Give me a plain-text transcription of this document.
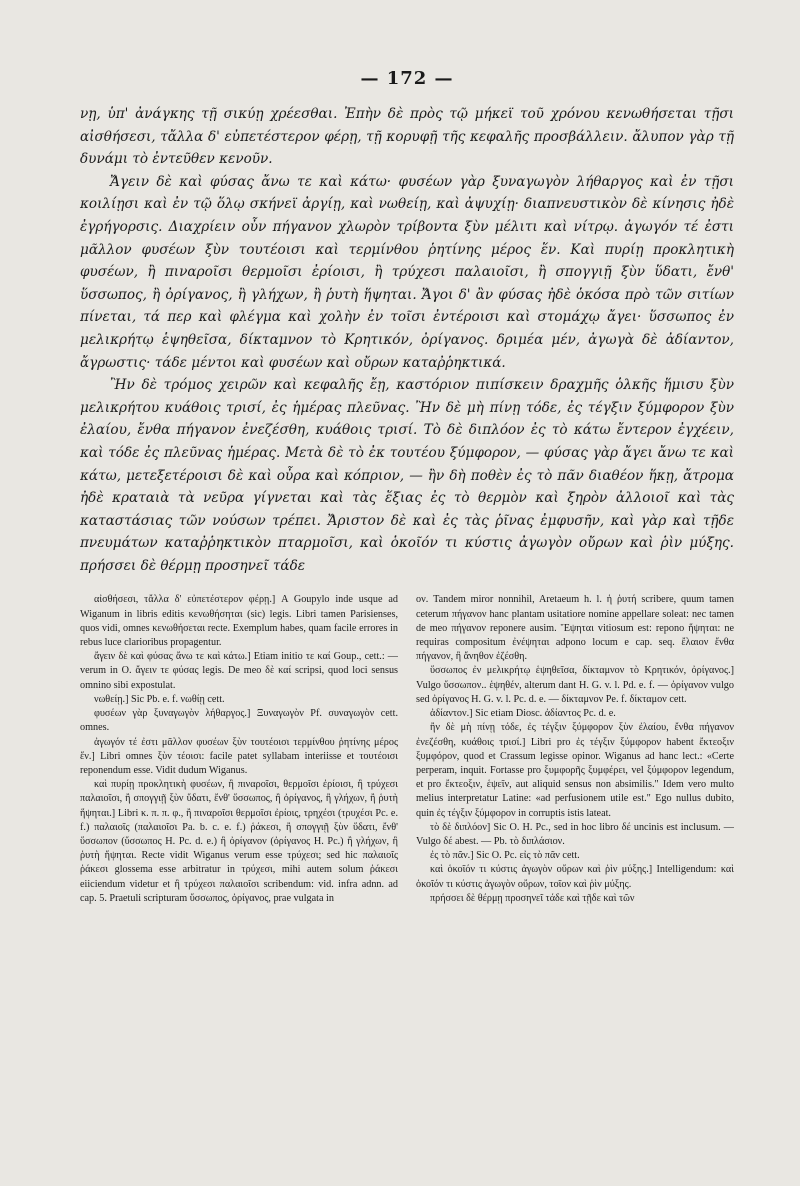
— 172 —

νῃ, ὑπ' ἀνάγκης τῇ σικύῃ χρέεσθαι. Ἐπὴν δὲ πρὸς τῷ μήκεϊ τοῦ χρόνου κενωθήσεται τῇσι αἰσθήσεσι, τἄλλα δ' εὐπετέστερον φέρῃ, τῇ κορυφῇ τῆς κεφαλῆς προσβάλλειν. ἄλυπον γὰρ τῇ δυνάμι τὸ ἐντεῦθεν κενοῦν.

Ἄγειν δὲ καὶ φύσας ἄνω τε καὶ κάτω· φυσέων γὰρ ξυναγωγὸν λήθαργος καὶ ἐν τῇσι κοιλίῃσι καὶ ἐν τῷ ὅλῳ σκήνεϊ ἀργίῃ, καὶ νωθείῃ, καὶ ἀψυχίῃ· διαπνευστικὸν δὲ κίνησις ἠδὲ ἐγρήγορσις. Διαχρίειν οὖν πήγανον χλωρὸν τρίβοντα ξὺν μέλιτι καὶ νίτρῳ. ἀγωγόν τέ ἐστι μᾶλλον φυσέων ξὺν τουτέοισι καὶ τερμίνθου ῥητίνης μέρος ἕν. Καὶ πυρίῃ προκλητικὴ φυσέων, ἢ πιναροῖσι θερμοῖσι ἐρίοισι, ἢ τρύχεσι παλαιοῖσι, ἢ σπογγιῇ ξὺν ὕδατι, ἔνθ' ὕσσωπος, ἢ ὀρίγανος, ἢ γλήχων, ἢ ῥυτὴ ἥψηται. Ἄγοι δ' ἂν φύσας ἠδὲ ὁκόσα πρὸ τῶν σιτίων πίνεται, τά περ καὶ φλέγμα καὶ χολὴν ἐν τοῖσι ἐντέροισι καὶ στομάχῳ ἄγει· ὕσσωπος ἐν μελικρήτῳ ἑψηθεῖσα, δίκταμνον τὸ Κρητικόν, ὀρίγανος. δριμέα μέν, ἀγωγὰ δὲ ἀδίαντον, ἄγρωστις· τάδε μέντοι καὶ φυσέων καὶ οὔρων καταῤῥηκτικά.

Ἢν δὲ τρόμος χειρῶν καὶ κεφαλῆς ἔῃ, καστόριον πιπίσκειν δραχμῆς ὁλκῆς ἥμισυ ξὺν μελικρήτου κυάθοις τρισί, ἐς ἡμέρας πλεῦνας. Ἢν δὲ μὴ πίνῃ τόδε, ἐς τέγξιν ξύμφορον ξὺν ἐλαίου, ἔνθα πήγανον ἐνεζέσθη, κυάθοις τρισί. Τὸ δὲ διπλόον ἐς τὸ κάτω ἔντερον ἐγχέειν, καὶ τόδε ἐς πλεῦνας ἡμέρας. Μετὰ δὲ τὸ ἐκ τουτέου ξύμφορον, — φύσας γὰρ ἄγει ἄνω τε καὶ κάτω, μετεξετέροισι δὲ καὶ οὖρα καὶ κόπριον, — ἢν δὴ ποθὲν ἐς τὸ πᾶν διαθέον ἥκῃ, ἄτρομα ἠδὲ κραταιὰ τὰ νεῦρα γίγνεται καὶ τὰς ἕξιας ἐς τὸ θερμὸν καὶ ξηρὸν ἀλλοιοῖ καὶ τὰς καταστάσιας τῶν νούσων τρέπει. Ἄριστον δὲ καὶ ἐς τὰς ῥῖνας ἐμφυσῆν, καὶ γὰρ καὶ τῇδε πνευμάτων καταῤῥηκτικὸν πταρμοῖσι, καὶ ὁκοῖόν τι κύστις ἀγωγὸν οὔρων καὶ ῥὶν μύξης. πρήσσει δὲ θέρμῃ προσηνεῖ τάδε

αἰσθήσεσι, τἄλλα δ' εὐπετέστερον φέρῃ.] A Goupylo inde usque ad Wiganum in libris editis κενωθήσηται (sic) legis. Libri tamen Parisienses, quos vidi, omnes κενωθήσεται recte. Exemplum habes, quam facile errores in rebus luce clarioribus propagentur.

ἄγειν δὲ καὶ φύσας ἄνω τε καὶ κάτω.] Etiam initio τε καί Goup., cett.: — verum in O. ἄγειν τε φύσας legis. De meo δὲ καί scripsi, quod loci sensus omnino sibi expostulat.

νωθείῃ.] Sic Pb. e. f. νωθίῃ cett.

φυσέων γὰρ ξυναγωγὸν λήθαργος.] Ξυναγωγὸν Pf. συναγωγὸν cett. omnes.

ἀγωγόν τέ ἐστι μᾶλλον φυσέων ξὺν τουτέοισι τερμίνθου ῥητίνης μέρος ἕν.] Libri omnes ξὺν τέοισι: facile patet syllabam interiisse et τουτέοισι reponendum esse. Vidit dudum Wiganus.

καὶ πυρίῃ προκλητικὴ φυσέων, ἢ πιναροῖσι, θερμοῖσι ἐρίοισι, ἢ τρύχεσι παλαιοῖσι, ἢ σπογγιῇ ξὺν ὕδατι, ἔνθ' ὕσσωπος, ἢ ὀρίγανος, ἢ γλήχων, ἢ ῥυτὴ ἥψηται.] Libri κ. π. π. φ., ἢ πιναροῖσι θερμοῖσι ἐρίοις, τρηχέσι (τρυχέσι Pc. e. f.) παλαιοῖς (παλαιοῖσι Pa. b. c. e. f.) ῥάκεσι, ἢ σπογγιῇ ξὺν ὕδατι, ἔνθ' ὕσσωπον (ὕσσωπος H. Pc. d. e.) ἢ ὀρίγανον (ὀρίγανος H. Pc.) ἢ γλήχων, ἢ ῥυτὴ ἥψηται. Recte vidit Wiganus verum esse τρύχεσι; sed hic παλαιοῖς ῥάκεσι glossema esse arbitratur in τρύχεσι, mihi autem solum ῥάκεσι eiiciendum videtur et ἢ τρύχεσι παλαιοῖσι scribendum: vid. infra adnn. ad cap. 5. Praetuli scripturam ὕσσωπος, ὀρίγανος, prae vulgata in

ον. Tandem miror nonnihil, Aretaeum h. l. ἡ ῥυτή scribere, quum tamen ceterum πήγανον hanc plantam usitatiore nomine appellare soleat: nec tamen de meo πήγανον reponere ausim. Ἕψηται vitiosum est: repono ἥψηται: ne requiras compositum ἐνέψηται adpono locum e cap. seq. ἔλαιον ἔνθα πήγανον, ἢ ἄνηθον ἐζέσθη.

ὕσσωπος ἐν μελικρήτῳ ἑψηθεῖσα, δίκταμνον τὸ Κρητικόν, ὀρίγανος.] Vulgo ὕσσωπον.. ἑψηθέν, alterum dant H. G. v. l. Pd. e. f. — ὀρίγανον vulgo sed ὀρίγανος H. G. v. l. Pc. d. e. — δίκταμνον Pe. f. δίκταμον cett.

ἀδίαντον.] Sic etiam Diosc. ἀδίαντος Pc. d. e.

ἢν δὲ μὴ πίνῃ τόδε, ἐς τέγξιν ξύμφορον ξὺν ἐλαίου, ἔνθα πήγανον ἐνεζέσθη, κυάθοις τρισί.] Libri pro ἐς τέγξιν ξύμφορον habent ἔκτεοξιν ξυμφόρον, quod et Crassum legisse opinor. Wiganus ad hanc lect.: «Certe perperam, inquit. Fortasse pro ξυμφορῆς ξυμφέρει, vel ξύμφορον legendum, et pro ἔκτεοξιν, ἑψεῖν, aut aliquid sensus non absimilis." Idem vero multo melius interpretatur Latine: «ad perfusionem utile est." Ego nullus dubito, quin ἐς τέγξιν ξύμφορον in corruptis istis lateat.

τὸ δὲ διπλόον] Sic O. H. Pc., sed in hoc libro δέ uncinis est inclusum. — Vulgo δέ abest. — Pb. τὸ διπλάσιον.

ἐς τὸ πᾶν.] Sic O. Pc. εἰς τὸ πᾶν cett.

καὶ ὁκοῖόν τι κύστις ἀγωγὸν οὔρων καὶ ῥὶν μύξης.] Intelligendum: καὶ ὁκοῖόν τι κύστις ἀγωγὸν οὔρων, τοῖον καὶ ῥὶν μύξης.

πρήσσει δὲ θέρμῃ προσηνεῖ τάδε καὶ τῇδε καὶ τῶν
